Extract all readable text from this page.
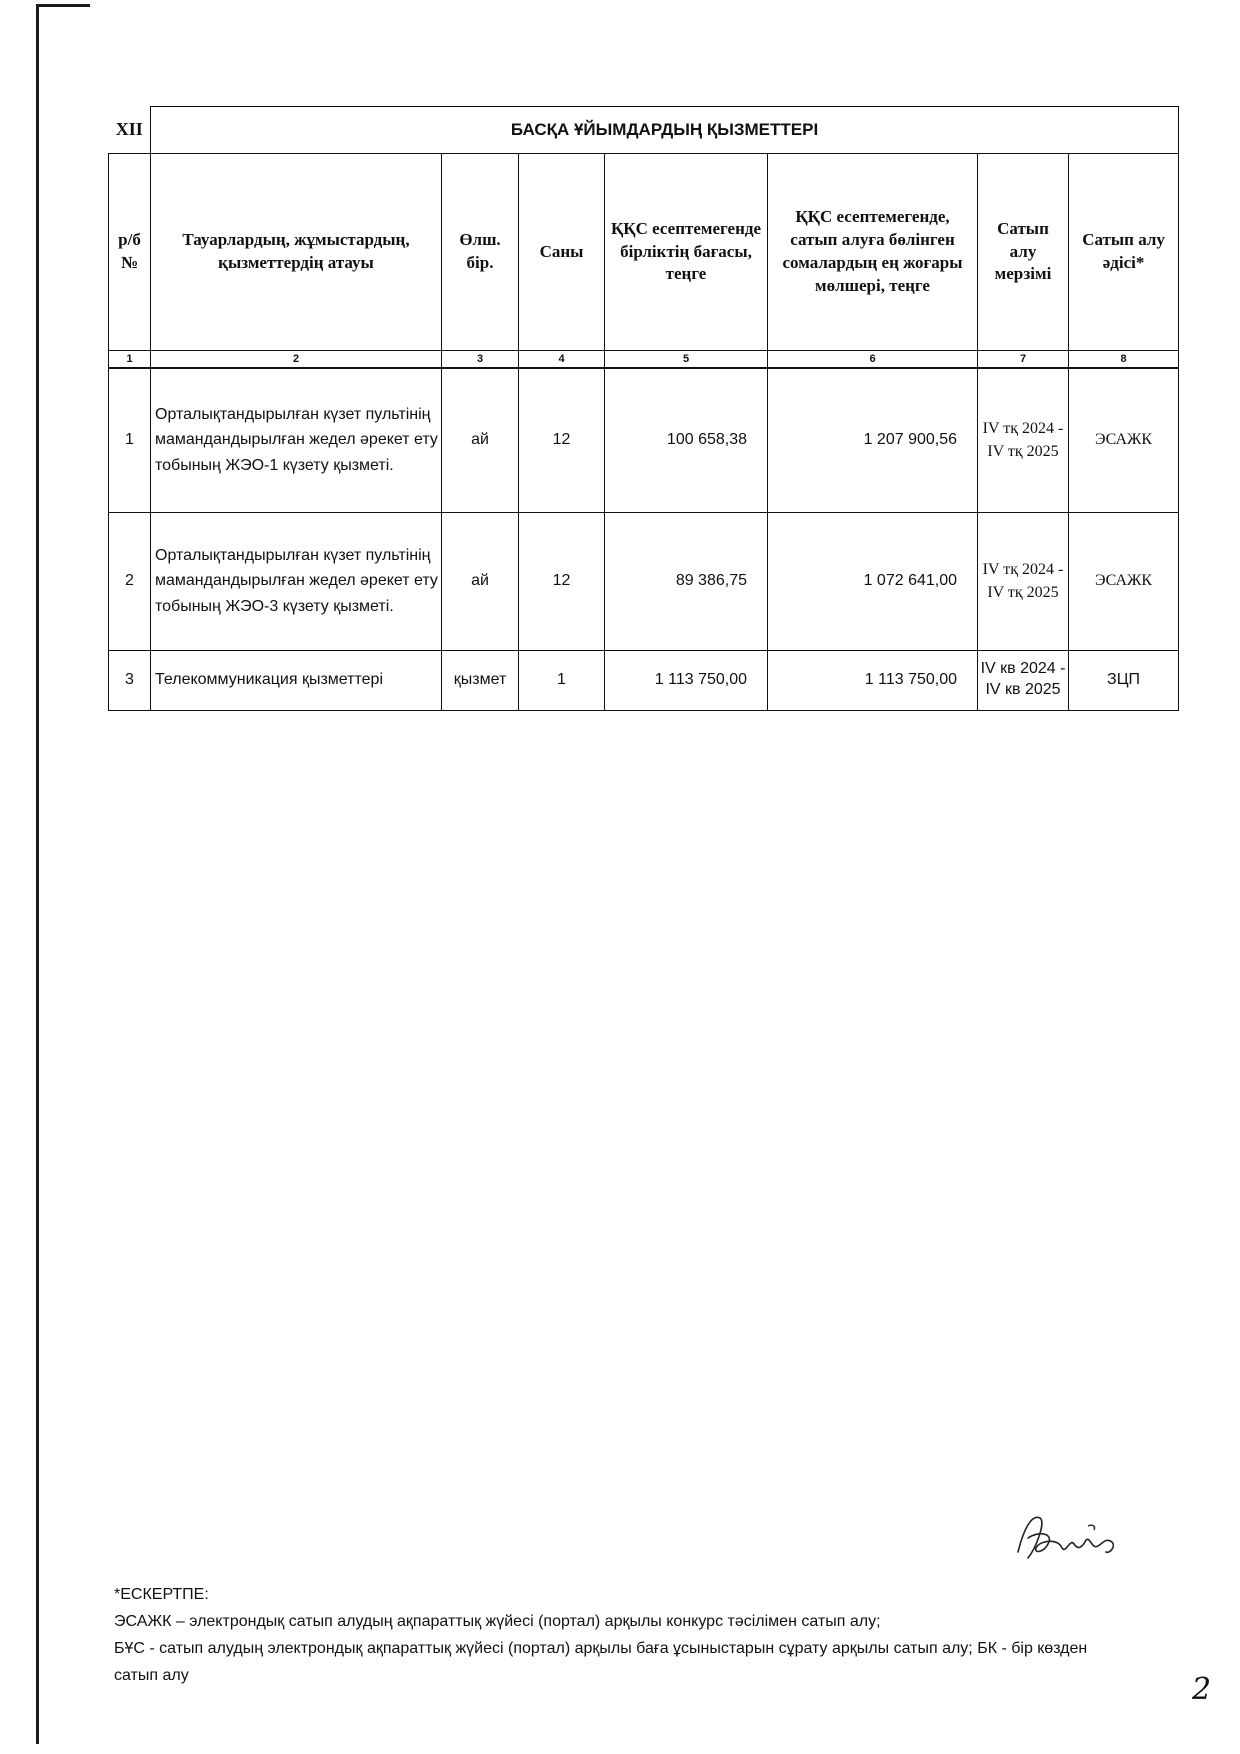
XII	БАСҚА ҰЙЫМДАРДЫҢ ҚЫЗМЕТТЕРІ						
р/б №	Тауарлардың, жұмыстардың, қызметтердің атауы	Өлш. бір.	Саны	ҚҚС есептемегенде бірліктің бағасы, теңге	ҚҚС есептемегенде, сатып алуға бөлінген сомалардың ең жоғары мөлшері, теңге	Сатып алу мерзімі	Сатып алу әдісі*
1	2	3	4	5	6	7	8
1	Орталықтандырылған күзет пультінің мамандандырылған жедел әрекет ету тобының ЖЭО-1 күзету қызметі.	ай	12	100 658,38	1 207 900,56	IV тқ 2024 - IV тқ 2025	ЭСАЖК
2	Орталықтандырылған күзет пультінің мамандандырылған жедел әрекет ету тобының ЖЭО-3 күзету қызметі.	ай	12	89 386,75	1 072 641,00	IV тқ 2024 - IV тқ 2025	ЭСАЖК
3	Телекоммуникация қызметтері	қызмет	1	1 113 750,00	1 113 750,00	IV кв 2024 - IV кв 2025	ЗЦП
*ЕСКЕРТПЕ:
ЭСАЖК – электрондық сатып алудың ақпараттық жүйесі (портал) арқылы конкурс тәсілімен сатып алу;
БҰС - сатып алудың электрондық ақпараттық жүйесі (портал) арқылы баға ұсыныстарын сұрату арқылы сатып алу; БК - бір көзден сатып алу	2
